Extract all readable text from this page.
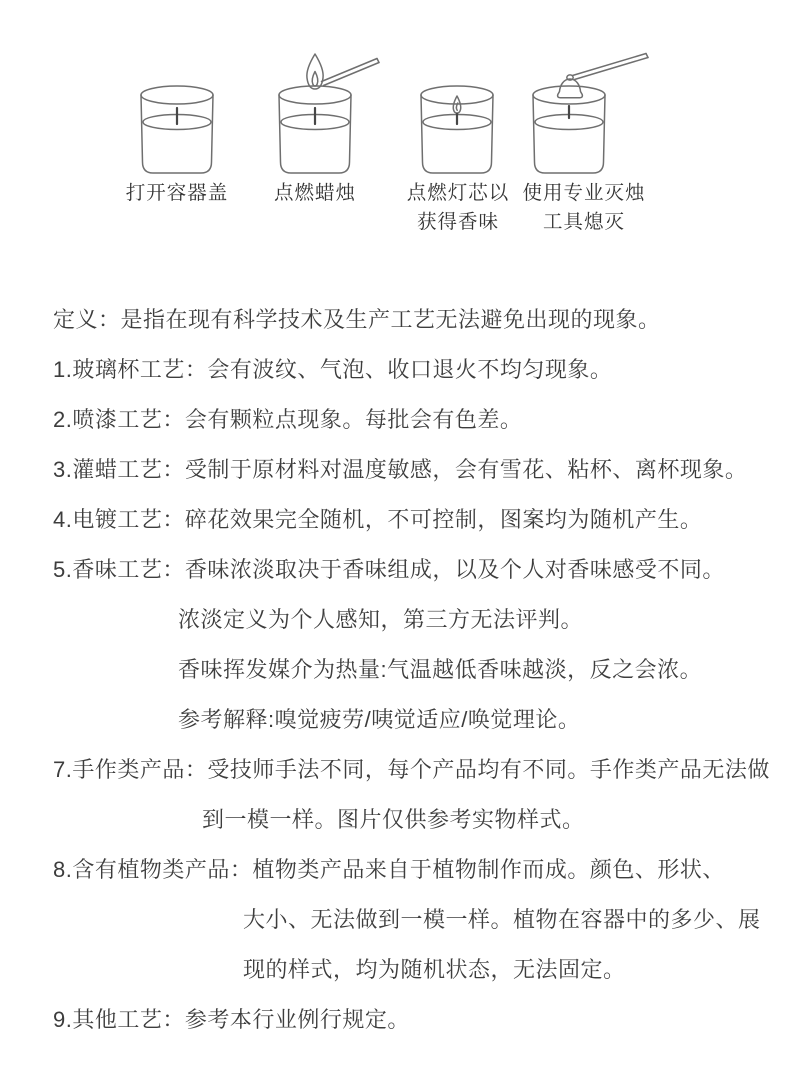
打开容器盖	点燃蜡烛	点燃灯芯以
获得香味
使用专业灭烛
工具熄灭
定义：是指在现有科学技术及生产工艺无法避免出现的现象。
1.玻璃杯工艺：会有波纹、气泡、收口退火不均匀现象。
2.喷漆工艺：会有颗粒点现象。每批会有色差。
3.灌蜡工艺：受制于原材料对温度敏感，会有雪花、粘杯、离杯现象。
4.电镀工艺：碎花效果完全随机，不可控制，图案均为随机产生。
5.香味工艺：香味浓淡取决于香味组成，以及个人对香味感受不同。
浓淡定义为个人感知，第三方无法评判。
香味挥发媒介为热量:气温越低香味越淡，反之会浓。
参考解释:嗅觉疲劳/咦觉适应/唤觉理论。
7.手作类产品：受技师手法不同，每个产品均有不同。手作类产品无法做
到一模一样。图片仅供参考实物样式。
8.含有植物类产品：植物类产品来自于植物制作而成。颜色、形状、
大小、无法做到一模一样。植物在容器中的多少、展
现的样式，均为随机状态，无法固定。
9.其他工艺：参考本行业例行规定。
